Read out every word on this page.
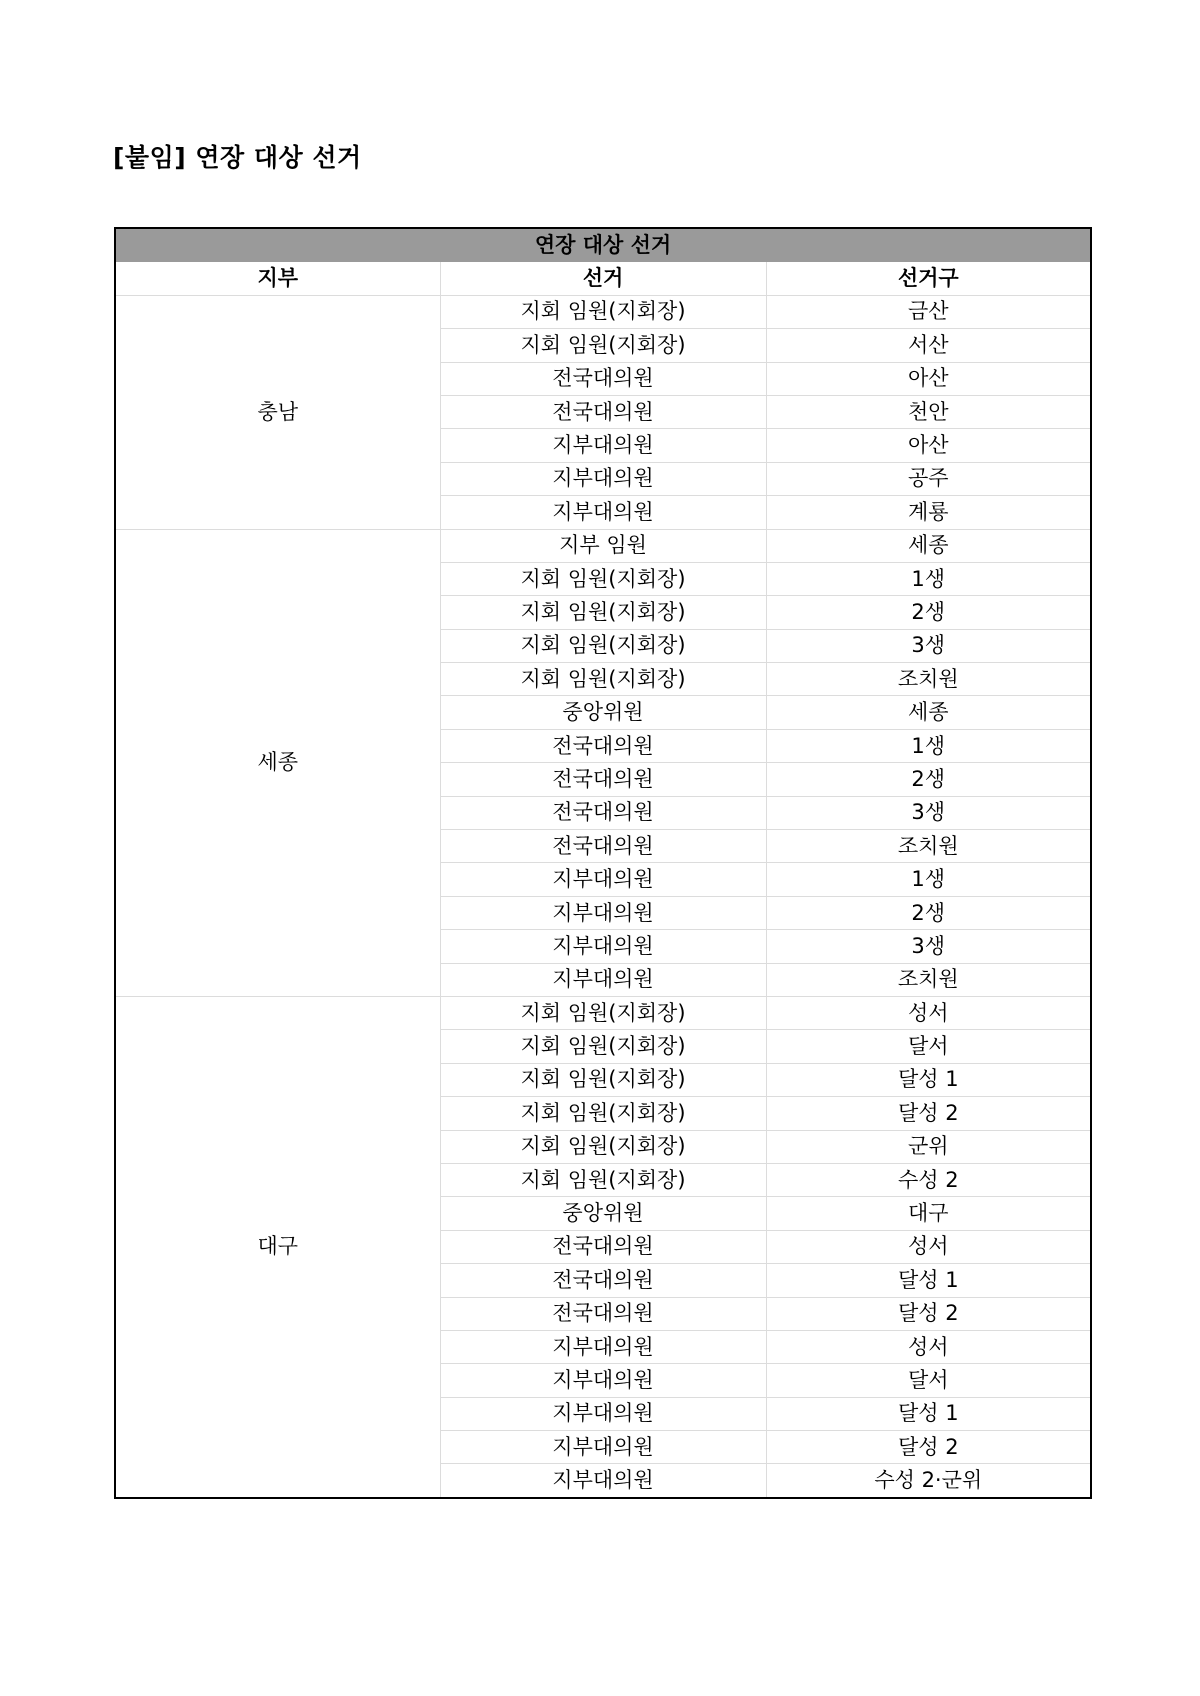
[붙임] 연장 대상 선거
연장 대상 선거		
지부	선거	선거구
충남	지회 임원(지회장)	금산
	지회 임원(지회장)	서산
	전국대의원	아산
	전국대의원	천안
	지부대의원	아산
	지부대의원	공주
	지부대의원	계룡
세종	지부 임원	세종
	지회 임원(지회장)	1생
	지회 임원(지회장)	2생
	지회 임원(지회장)	3생
	지회 임원(지회장)	조치원
	중앙위원	세종
	전국대의원	1생
	전국대의원	2생
	전국대의원	3생
	전국대의원	조치원
	지부대의원	1생
	지부대의원	2생
	지부대의원	3생
	지부대의원	조치원
대구	지회 임원(지회장)	성서
	지회 임원(지회장)	달서
	지회 임원(지회장)	달성 1
	지회 임원(지회장)	달성 2
	지회 임원(지회장)	군위
	지회 임원(지회장)	수성 2
	중앙위원	대구
	전국대의원	성서
	전국대의원	달성 1
	전국대의원	달성 2
	지부대의원	성서
	지부대의원	달서
	지부대의원	달성 1
	지부대의원	달성 2
	지부대의원	수성 2·군위
